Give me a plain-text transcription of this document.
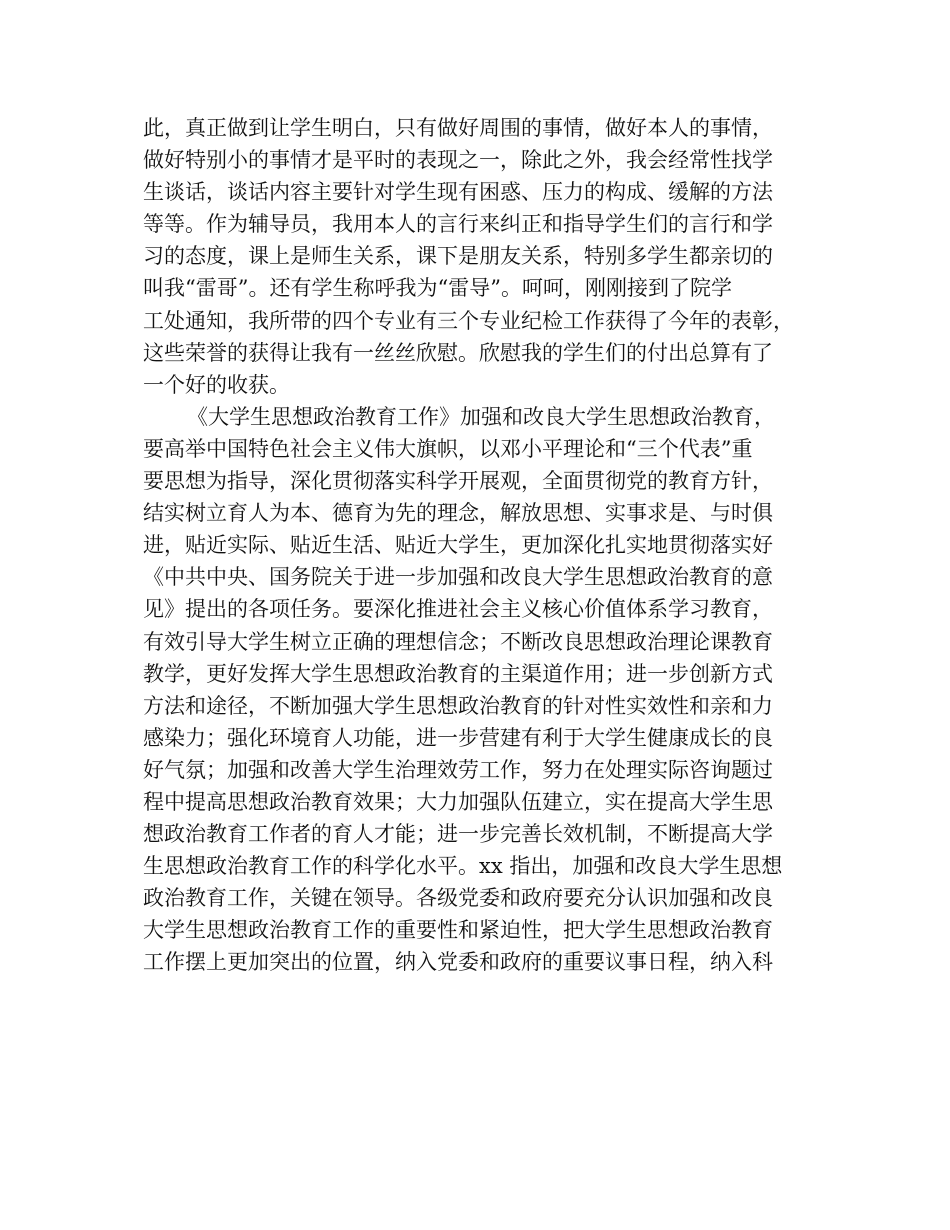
此，真正做到让学生明白，只有做好周围的事情，做好本人的事情，
做好特别小的事情才是平时的表现之一，除此之外，我会经常性找学
生谈话，谈话内容主要针对学生现有困惑、压力的构成、缓解的方法
等等。作为辅导员，我用本人的言行来纠正和指导学生们的言行和学
习的态度，课上是师生关系，课下是朋友关系，特别多学生都亲切的
叫我“雷哥”。还有学生称呼我为“雷导”。呵呵，刚刚接到了院学
工处通知，我所带的四个专业有三个专业纪检工作获得了今年的表彰，
这些荣誉的获得让我有一丝丝欣慰。欣慰我的学生们的付出总算有了
一个好的收获。
《大学生思想政治教育工作》加强和改良大学生思想政治教育，
要高举中国特色社会主义伟大旗帜，以邓小平理论和“三个代表”重
要思想为指导，深化贯彻落实科学开展观，全面贯彻党的教育方针，
结实树立育人为本、德育为先的理念，解放思想、实事求是、与时俱
进，贴近实际、贴近生活、贴近大学生，更加深化扎实地贯彻落实好
《中共中央、国务院关于进一步加强和改良大学生思想政治教育的意
见》提出的各项任务。要深化推进社会主义核心价值体系学习教育，
有效引导大学生树立正确的理想信念；不断改良思想政治理论课教育
教学，更好发挥大学生思想政治教育的主渠道作用；进一步创新方式
方法和途径，不断加强大学生思想政治教育的针对性实效性和亲和力
感染力；强化环境育人功能，进一步营建有利于大学生健康成长的良
好气氛；加强和改善大学生治理效劳工作，努力在处理实际咨询题过
程中提高思想政治教育效果；大力加强队伍建立，实在提高大学生思
想政治教育工作者的育人才能；进一步完善长效机制，不断提高大学
生思想政治教育工作的科学化水平。xx 指出，加强和改良大学生思想
政治教育工作，关键在领导。各级党委和政府要充分认识加强和改良
大学生思想政治教育工作的重要性和紧迫性，把大学生思想政治教育
工作摆上更加突出的位置，纳入党委和政府的重要议事日程，纳入科
